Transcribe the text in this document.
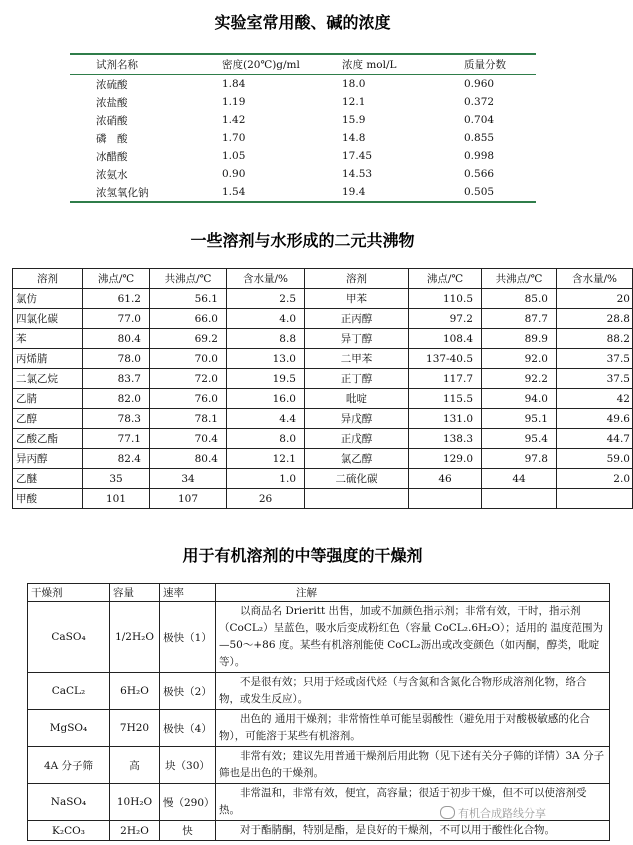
实验室常用酸、碱的浓度
试剂名称	密度(20℃)g/ml	浓度 mol/L	质量分数
浓硫酸	1.84	18.0	0.960
浓盐酸	1.19	12.1	0.372
浓硝酸	1.42	15.9	0.704
磷　酸	1.70	14.8	0.855
冰醋酸	1.05	17.45	0.998
浓氨水	0.90	14.53	0.566
浓氢氧化钠	1.54	19.4	0.505
一些溶剂与水形成的二元共沸物
溶剂	沸点/℃	共沸点/℃	含水量/%	溶剂	沸点/℃	共沸点/℃	含水量/%
氯仿	61.2	56.1	2.5	甲苯	110.5	85.0	20
四氯化碳	77.0	66.0	4.0	正丙醇	97.2	87.7	28.8
苯	80.4	69.2	8.8	异丁醇	108.4	89.9	88.2
丙烯腈	78.0	70.0	13.0	二甲苯	137-40.5	92.0	37.5
二氯乙烷	83.7	72.0	19.5	正丁醇	117.7	92.2	37.5
乙腈	82.0	76.0	16.0	吡啶	115.5	94.0	42
乙醇	78.3	78.1	4.4	异戊醇	131.0	95.1	49.6
乙酸乙酯	77.1	70.4	8.0	正戊醇	138.3	95.4	44.7
异丙醇	82.4	80.4	12.1	氯乙醇	129.0	97.8	59.0
乙醚	35	34	1.0	二硫化碳	46	44	2.0
甲酸	101	107	26				
用于有机溶剂的中等强度的干燥剂
干燥剂	容量	速率	注解
CaSO₄	1/2H₂O	极快（1）	以商品名 Drieritt 出售，加或不加颜色指示剂；非常有效，干时，指示剂（CoCL₂）呈蓝色，吸水后变成粉红色（容量 CoCL₂.6H₂O）；适用的 温度范围为—50～+86 度。某些有机溶剂能使 CoCL₂沥出或改变颜色（如丙酮，醇类，吡啶等）。
CaCL₂	6H₂O	极快（2）	不是很有效；只用于烃或卤代烃（与含氮和含氮化合物形成溶剂化物，络合物，或发生反应）。
MgSO₄	7H20	极快（4）	出色的 通用干燥剂；非常惰性单可能呈弱酸性（避免用于对酸极敏感的化合物），可能溶于某些有机溶剂。
4A 分子筛	高	块（30）	非常有效；建议先用普通干燥剂后用此物（见下述有关分子筛的详情）3A 分子筛也是出色的干燥剂。
NaSO₄	10H₂O	慢（290）	非常温和，非常有效，便宜，高容量；很适于初步干燥，但不可以使溶剂受热。
K₂CO₃	2H₂O	快	对于酯腈酮，特别是酯，是良好的干燥剂，不可以用于酸性化合物。
有机合成路线分享
